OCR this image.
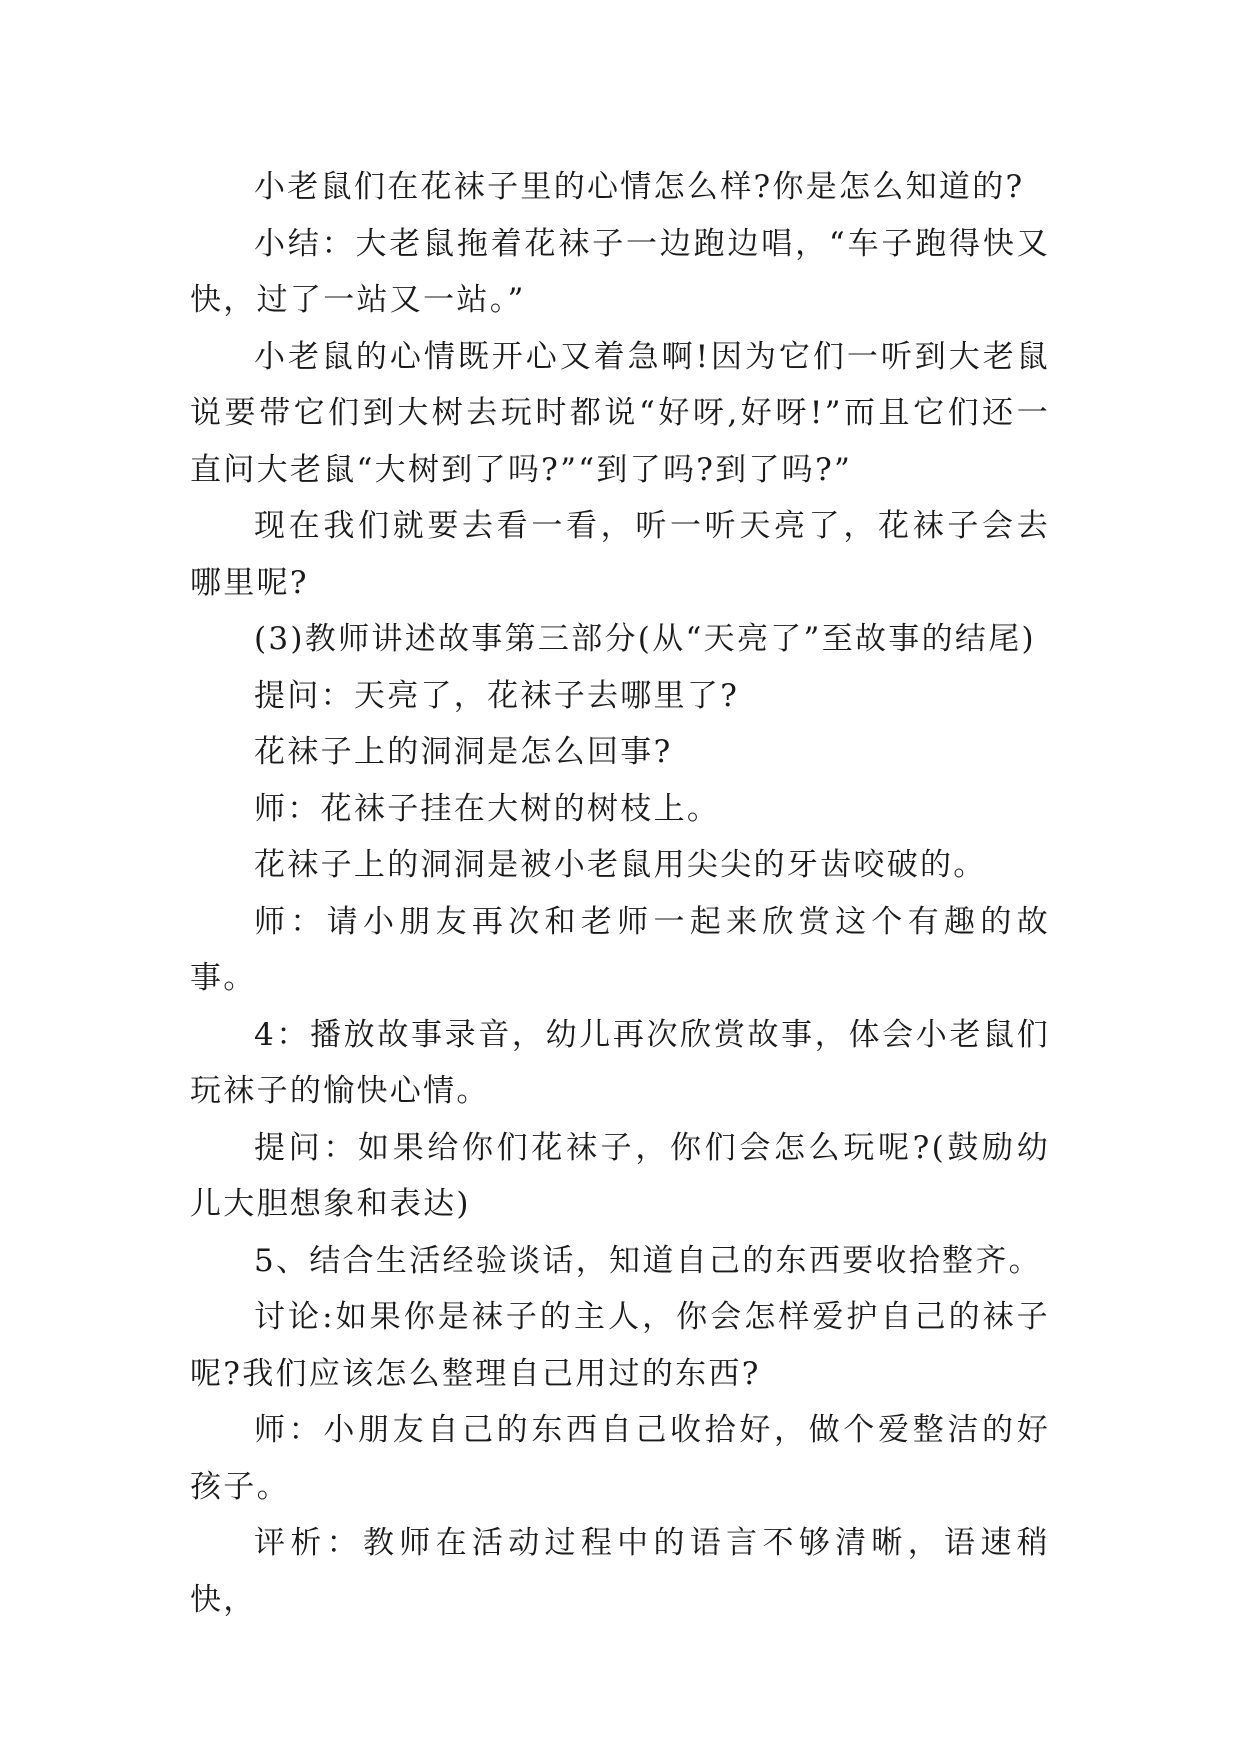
小老鼠们在花袜子里的心情怎么样?你是怎么知道的?

小结：大老鼠拖着花袜子一边跑边唱，“车子跑得快又快，过了一站又一站。”

小老鼠的心情既开心又着急啊!因为它们一听到大老鼠说要带它们到大树去玩时都说“好呀,好呀!”而且它们还一直问大老鼠“大树到了吗?”“到了吗?到了吗?”

现在我们就要去看一看，听一听天亮了，花袜子会去哪里呢?

(3)教师讲述故事第三部分(从“天亮了”至故事的结尾)

提问：天亮了，花袜子去哪里了?

花袜子上的洞洞是怎么回事?

师：花袜子挂在大树的树枝上。

花袜子上的洞洞是被小老鼠用尖尖的牙齿咬破的。

师：请小朋友再次和老师一起来欣赏这个有趣的故事。

4：播放故事录音，幼儿再次欣赏故事，体会小老鼠们玩袜子的愉快心情。

提问：如果给你们花袜子，你们会怎么玩呢?(鼓励幼儿大胆想象和表达)

5、结合生活经验谈话，知道自己的东西要收拾整齐。

讨论:如果你是袜子的主人，你会怎样爱护自己的袜子呢?我们应该怎么整理自己用过的东西?

师：小朋友自己的东西自己收拾好，做个爱整洁的好孩子。

评析：教师在活动过程中的语言不够清晰，语速稍快，
